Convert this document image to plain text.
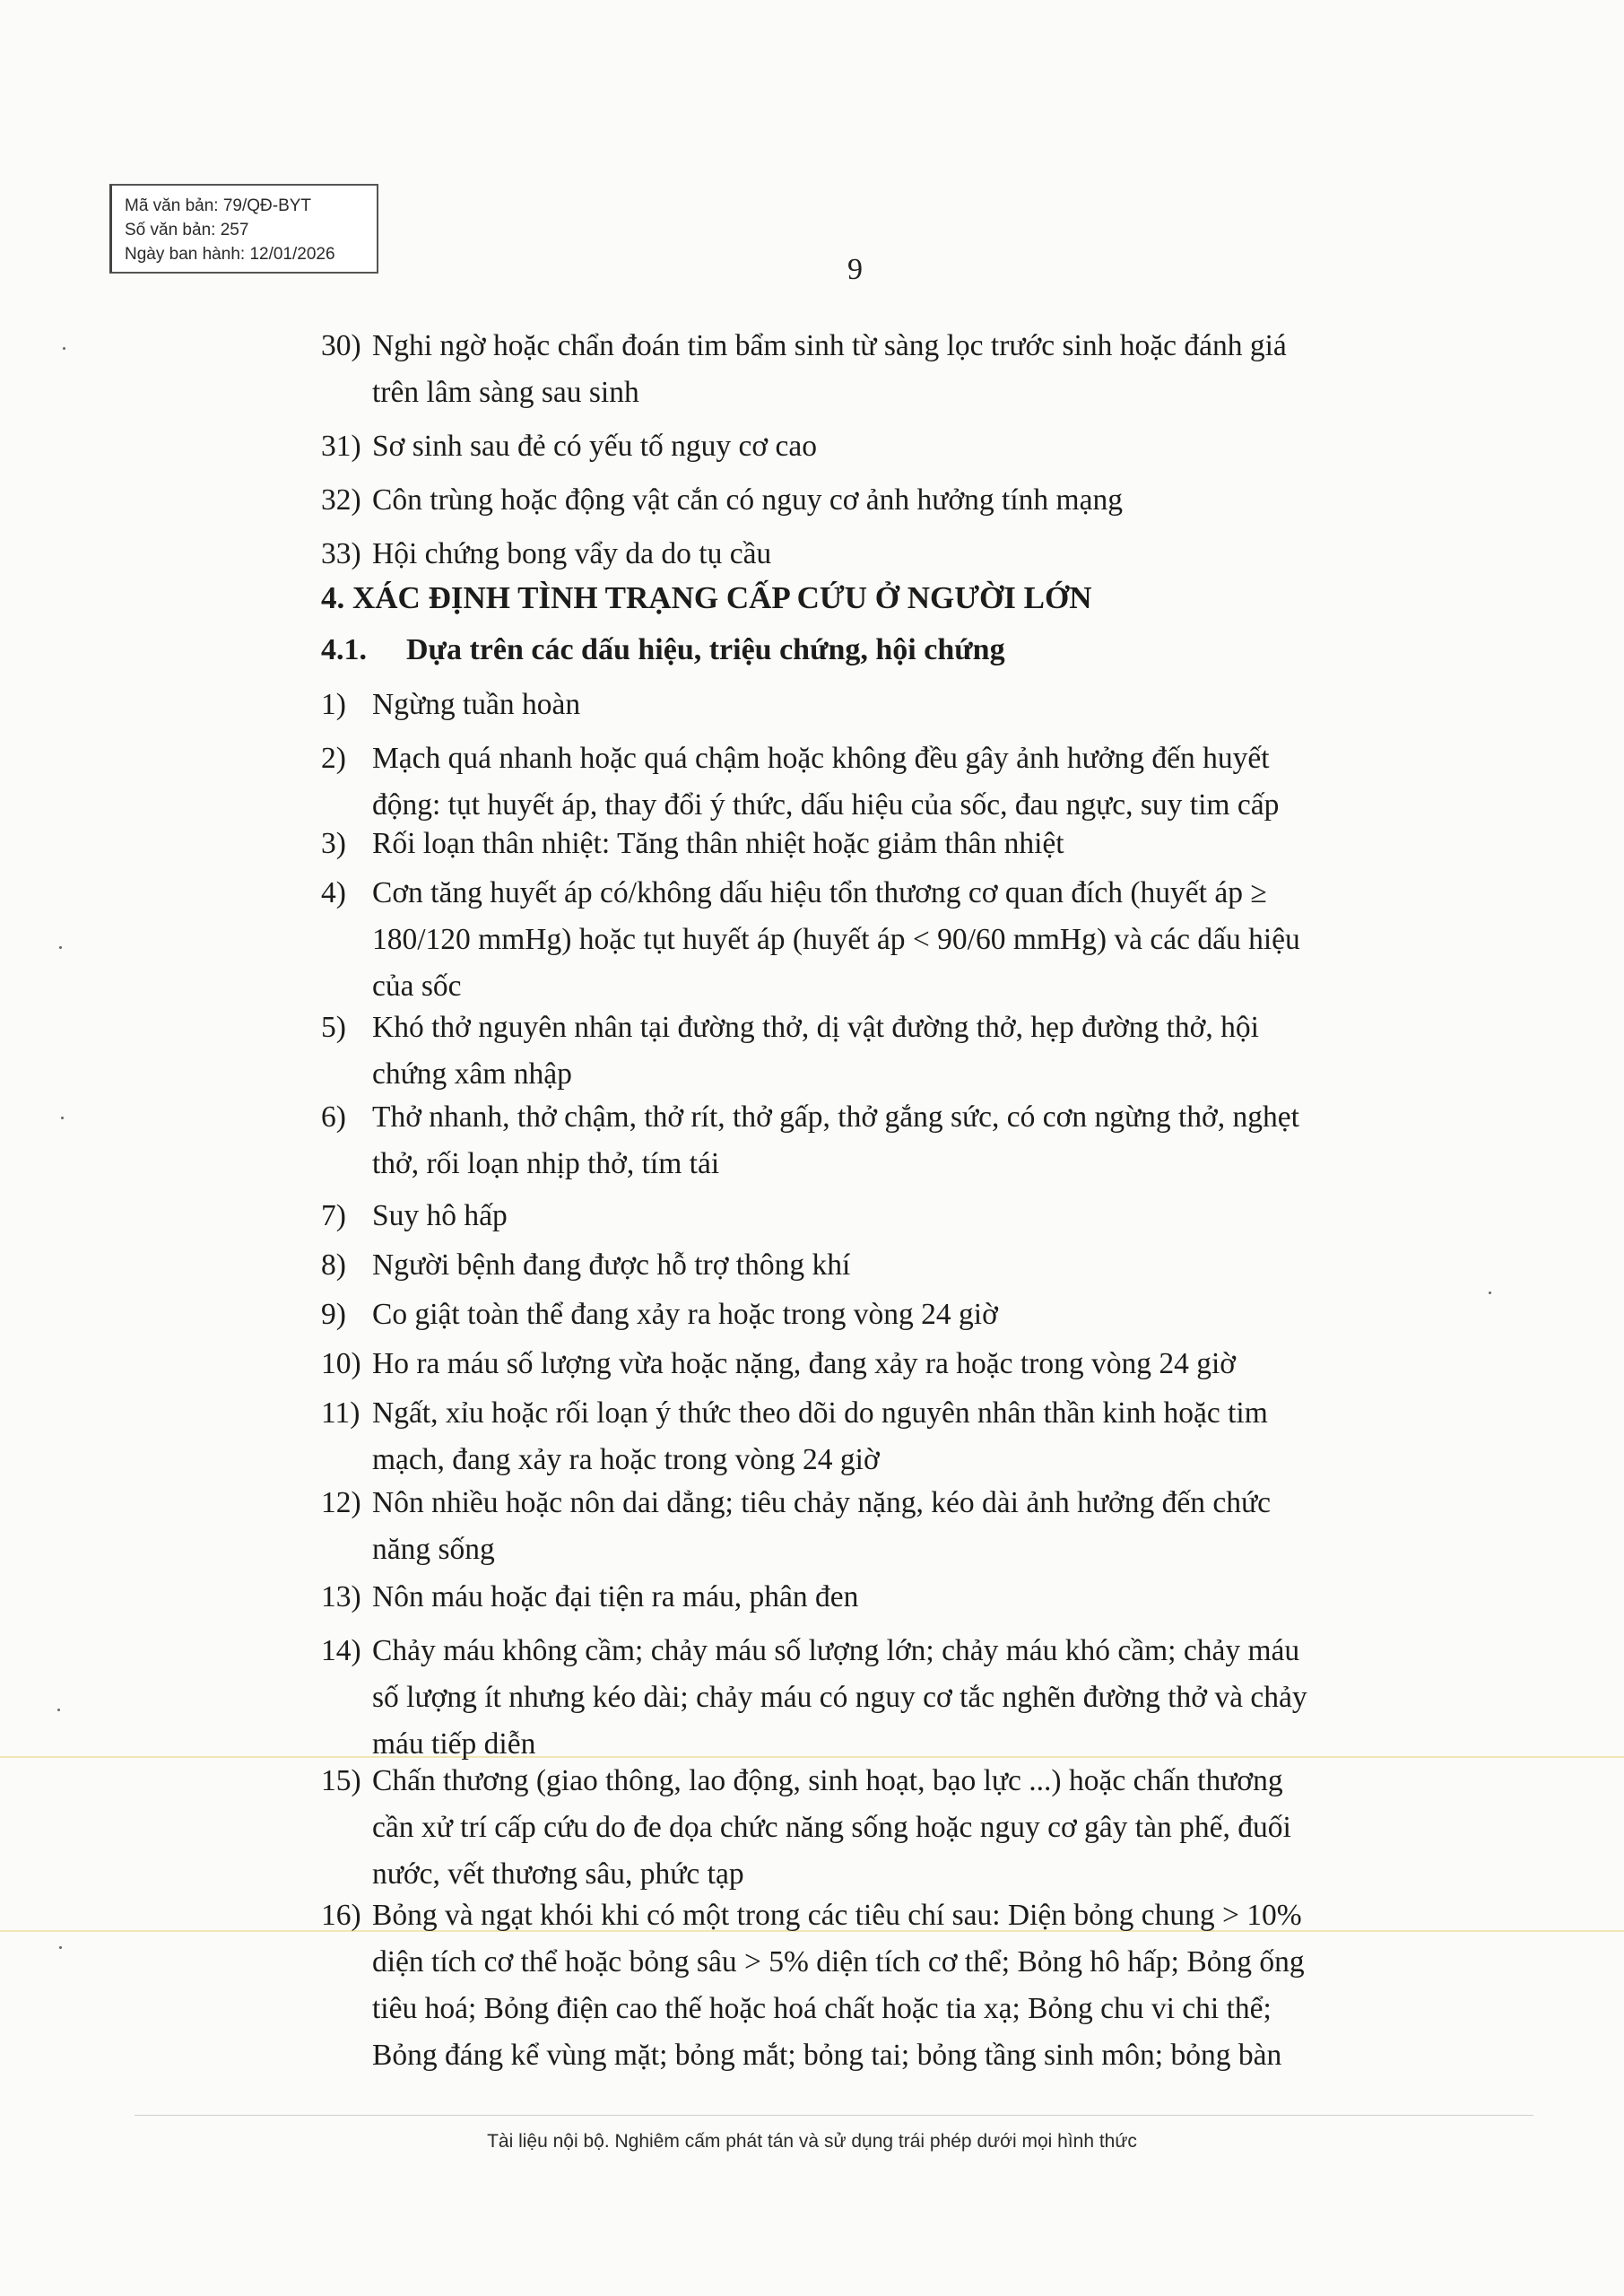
Mã văn bản: 79/QĐ-BYT
Số văn bản: 257
Ngày ban hành: 12/01/2026	9
4. XÁC ĐỊNH TÌNH TRẠNG CẤP CỨU Ở NGƯỜI LỚN
4.1. Dựa trên các dấu hiệu, triệu chứng, hội chứng
30) Nghi ngờ hoặc chẩn đoán tim bẩm sinh từ sàng lọc trước sinh hoặc đánh giá
trên lâm sàng sau sinh
31) Sơ sinh sau đẻ có yếu tố nguy cơ cao
32) Côn trùng hoặc động vật cắn có nguy cơ ảnh hưởng tính mạng
33) Hội chứng bong vẩy da do tụ cầu
1) Ngừng tuần hoàn
2) Mạch quá nhanh hoặc quá chậm hoặc không đều gây ảnh hưởng đến huyết
động: tụt huyết áp, thay đổi ý thức, dấu hiệu của sốc, đau ngực, suy tim cấp
3) Rối loạn thân nhiệt: Tăng thân nhiệt hoặc giảm thân nhiệt
4) Cơn tăng huyết áp có/không dấu hiệu tổn thương cơ quan đích (huyết áp ≥
180/120 mmHg) hoặc tụt huyết áp (huyết áp < 90/60 mmHg) và các dấu hiệu
của sốc
5) Khó thở nguyên nhân tại đường thở, dị vật đường thở, hẹp đường thở, hội
chứng xâm nhập
6) Thở nhanh, thở chậm, thở rít, thở gấp, thở gắng sức, có cơn ngừng thở, nghẹt
thở, rối loạn nhịp thở, tím tái
7) Suy hô hấp
8) Người bệnh đang được hỗ trợ thông khí
9) Co giật toàn thể đang xảy ra hoặc trong vòng 24 giờ
10) Ho ra máu số lượng vừa hoặc nặng, đang xảy ra hoặc trong vòng 24 giờ
11) Ngất, xỉu hoặc rối loạn ý thức theo dõi do nguyên nhân thần kinh hoặc tim
mạch, đang xảy ra hoặc trong vòng 24 giờ
12) Nôn nhiều hoặc nôn dai dẳng; tiêu chảy nặng, kéo dài ảnh hưởng đến chức
năng sống
13) Nôn máu hoặc đại tiện ra máu, phân đen
14) Chảy máu không cầm; chảy máu số lượng lớn; chảy máu khó cầm; chảy máu
số lượng ít nhưng kéo dài; chảy máu có nguy cơ tắc nghẽn đường thở và chảy
máu tiếp diễn
15) Chấn thương (giao thông, lao động, sinh hoạt, bạo lực ...) hoặc chấn thương
cần xử trí cấp cứu do đe dọa chức năng sống hoặc nguy cơ gây tàn phế, đuối
nước, vết thương sâu, phức tạp
16) Bỏng và ngạt khói khi có một trong các tiêu chí sau: Diện bỏng chung > 10%
diện tích cơ thể hoặc bỏng sâu > 5% diện tích cơ thể; Bỏng hô hấp; Bỏng ống
tiêu hoá; Bỏng điện cao thế hoặc hoá chất hoặc tia xạ; Bỏng chu vi chi thể;
Bỏng đáng kể vùng mặt; bỏng mắt; bỏng tai; bỏng tầng sinh môn; bỏng bàn
Tài liệu nội bộ. Nghiêm cấm phát tán và sử dụng trái phép dưới mọi hình thức
